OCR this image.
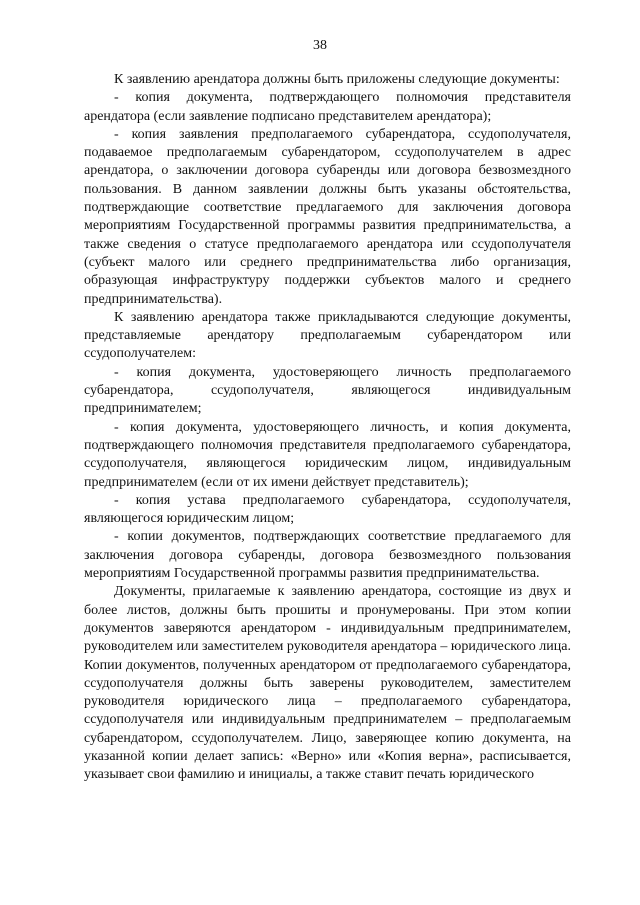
38

К заявлению арендатора должны быть приложены следующие документы:

- копия документа, подтверждающего полномочия представителя арендатора (если заявление подписано представителем арендатора);

- копия заявления предполагаемого субарендатора, ссудополучателя, подаваемое предполагаемым субарендатором, ссудополучателем в адрес арендатора, о заключении договора субаренды или договора безвозмездного пользования. В данном заявлении должны быть указаны обстоятельства, подтверждающие соответствие предлагаемого для заключения договора мероприятиям Государственной программы развития предпринимательства, а также сведения о статусе предполагаемого арендатора или ссудополучателя (субъект малого или среднего предпринимательства либо организация, образующая инфраструктуру поддержки субъектов малого и среднего предпринимательства).

К заявлению арендатора также прикладываются следующие документы, представляемые арендатору предполагаемым субарендатором или ссудополучателем:

- копия документа, удостоверяющего личность предполагаемого субарендатора, ссудополучателя, являющегося индивидуальным предпринимателем;

- копия документа, удостоверяющего личность, и копия документа, подтверждающего полномочия представителя предполагаемого субарендатора, ссудополучателя, являющегося юридическим лицом, индивидуальным предпринимателем (если от их имени действует представитель);

- копия устава предполагаемого субарендатора, ссудополучателя, являющегося юридическим лицом;

- копии документов, подтверждающих соответствие предлагаемого для заключения договора субаренды, договора безвозмездного пользования мероприятиям Государственной программы развития предпринимательства.

Документы, прилагаемые к заявлению арендатора, состоящие из двух и более листов, должны быть прошиты и пронумерованы. При этом копии документов заверяются арендатором - индивидуальным предпринимателем, руководителем или заместителем руководителя арендатора – юридического лица. Копии документов, полученных арендатором от предполагаемого субарендатора, ссудополучателя должны быть заверены руководителем, заместителем руководителя юридического лица – предполагаемого субарендатора, ссудополучателя или индивидуальным предпринимателем – предполагаемым субарендатором, ссудополучателем. Лицо, заверяющее копию документа, на указанной копии делает запись: «Верно» или «Копия верна», расписывается, указывает свои фамилию и инициалы, а также ставит печать юридического
